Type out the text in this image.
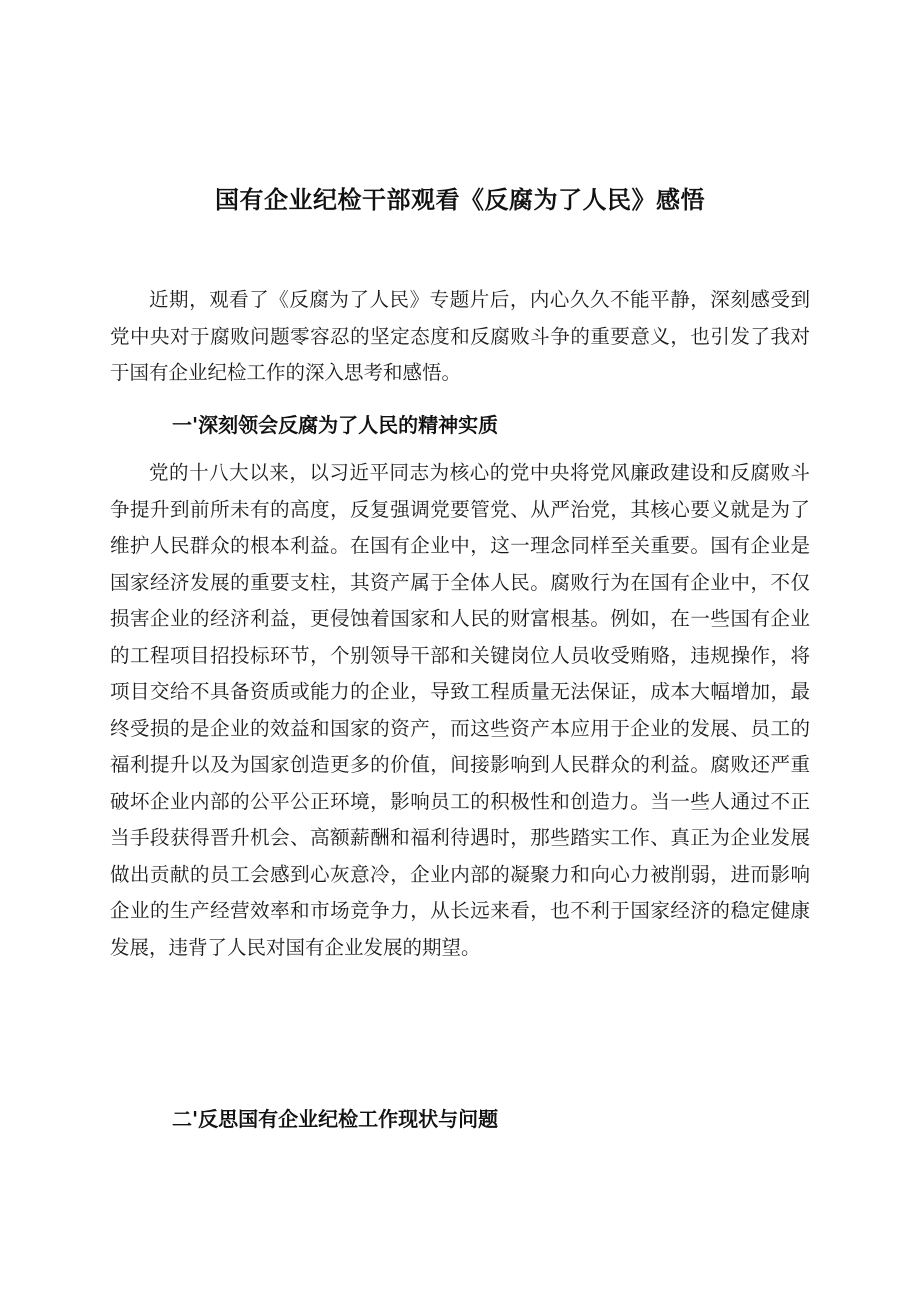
国有企业纪检干部观看《反腐为了人民》感悟

近期，观看了《反腐为了人民》专题片后，内心久久不能平静，深刻感受到党中央对于腐败问题零容忍的坚定态度和反腐败斗争的重要意义，也引发了我对于国有企业纪检工作的深入思考和感悟。

一'深刻领会反腐为了人民的精神实质

党的十八大以来，以习近平同志为核心的党中央将党风廉政建设和反腐败斗争提升到前所未有的高度，反复强调党要管党、从严治党，其核心要义就是为了维护人民群众的根本利益。在国有企业中，这一理念同样至关重要。国有企业是国家经济发展的重要支柱，其资产属于全体人民。腐败行为在国有企业中，不仅损害企业的经济利益，更侵蚀着国家和人民的财富根基。例如，在一些国有企业的工程项目招投标环节，个别领导干部和关键岗位人员收受贿赂，违规操作，将项目交给不具备资质或能力的企业，导致工程质量无法保证，成本大幅增加，最终受损的是企业的效益和国家的资产，而这些资产本应用于企业的发展、员工的福利提升以及为国家创造更多的价值，间接影响到人民群众的利益。腐败还严重破坏企业内部的公平公正环境，影响员工的积极性和创造力。当一些人通过不正当手段获得晋升机会、高额薪酬和福利待遇时，那些踏实工作、真正为企业发展做出贡献的员工会感到心灰意冷，企业内部的凝聚力和向心力被削弱，进而影响企业的生产经营效率和市场竞争力，从长远来看，也不利于国家经济的稳定健康发展，违背了人民对国有企业发展的期望。

二'反思国有企业纪检工作现状与问题
